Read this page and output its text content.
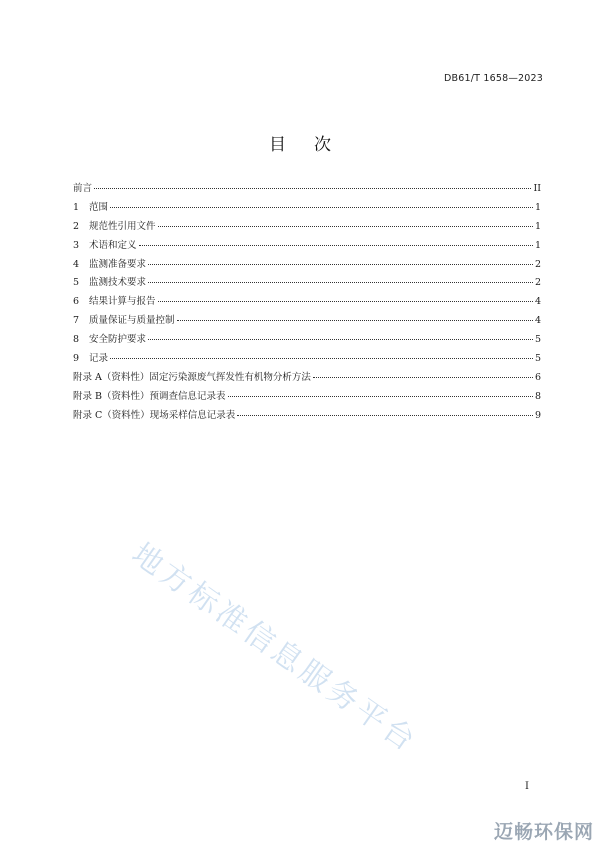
DB61/T 1658—2023
目次
前言	II
1	范围	1
2	规范性引用文件	1
3	术语和定义	1
4	监测准备要求	2
5	监测技术要求	2
6	结果计算与报告	4
7	质量保证与质量控制	4
8	安全防护要求	5
9	记录	5
附录 A （资料性）固定污染源废气挥发性有机物分析方法	6
附录 B （资料性）预调查信息记录表	8
附录 C （资料性）现场采样信息记录表	9
地方标准信息服务平台
I
迈畅环保网
